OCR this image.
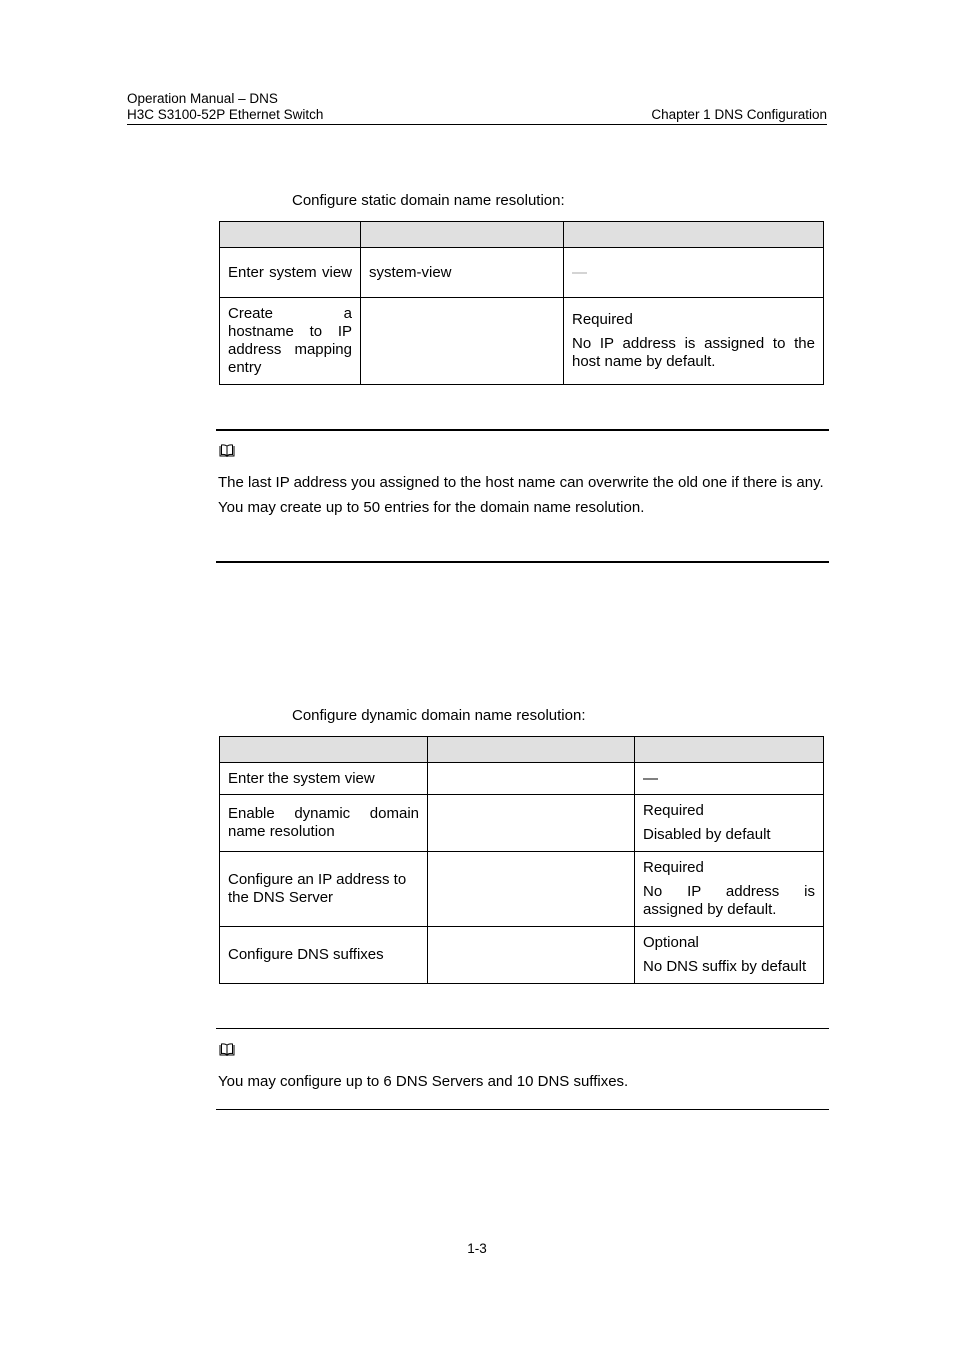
Operation Manual – DNS
H3C S3100-52P Ethernet Switch	Chapter 1 DNS Configuration
Configure static domain name resolution:

Enter system view	system-view	—

Create a hostname to IP address mapping entry		Required

No IP address is assigned to the host name by default.

The last IP address you assigned to the host name can overwrite the old one if there is any.

You may create up to 50 entries for the domain name resolution.

Configure dynamic domain name resolution:

Enter the system view		—

Enable dynamic domain name resolution		Required

Disabled by default

Configure an IP address to the DNS Server		Required

No IP address is assigned by default.

Configure DNS suffixes		Optional

No DNS suffix by default

You may configure up to 6 DNS Servers and 10 DNS suffixes.

1-3
